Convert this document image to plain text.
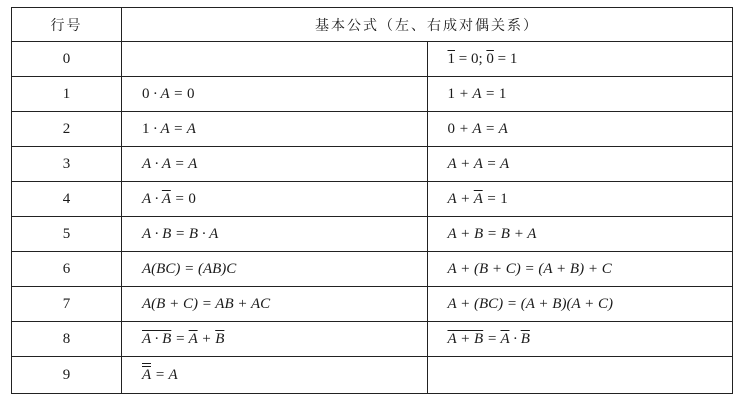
行号	基本公式（左、右成对偶关系）	
0		1 = 0; 0 = 1
1	0 · A = 0	1 + A = 1
2	1 · A = A	0 + A = A
3	A · A = A	A + A = A
4	$A \cdot \overline{A} = 0$	$A + \overline{A} = 1$
5	A · B = B · A	A + B = B + A
6	A(BC) = (AB)C	A + (B + C) = (A + B) + C
7	A(B + C) = AB + AC	A + (BC) = (A + B)(A + C)
8	$A \cdot B = \overline{A} + \overline{B}$	$A + B = \overline{A} \cdot \overline{B}$
9	A = A	
